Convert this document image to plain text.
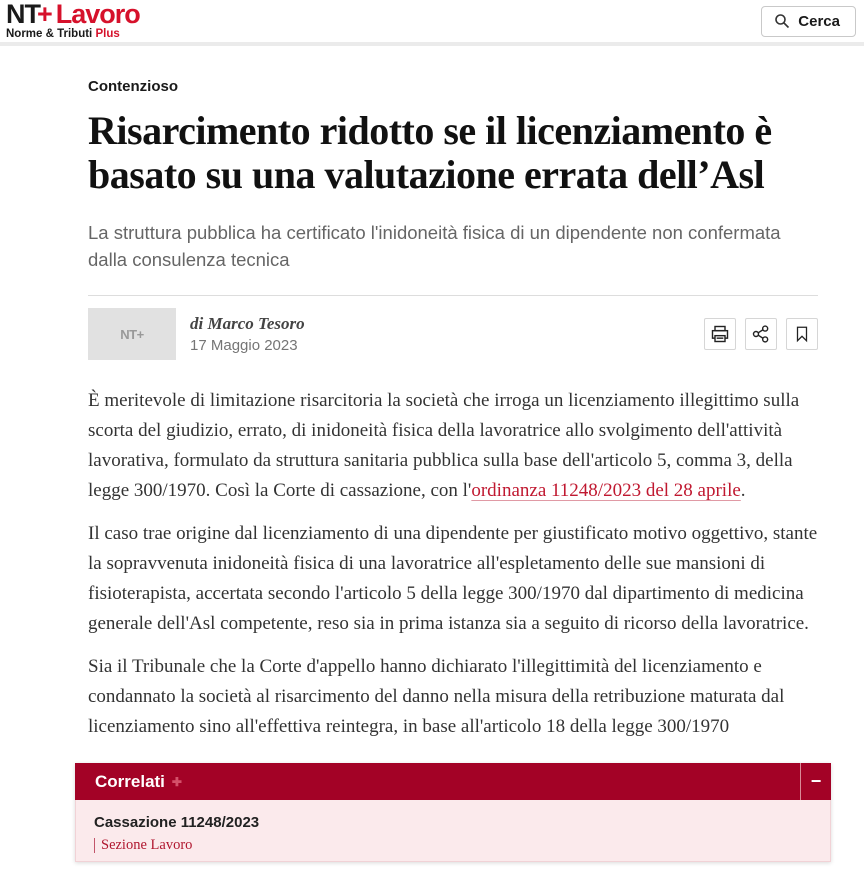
NT
+ Lavoro
Norme & Tributi Plus
Cerca
Contenzioso
Risarcimento ridotto se il licenziamento è basato su una valutazione errata dell’Asl

La struttura pubblica ha certificato l'inidoneità fisica di un dipendente non confermata dalla consulenza tecnica

NT+
di Marco Tesoro
17 Maggio 2023

È meritevole di limitazione risarcitoria la società che irroga un licenziamento illegittimo sulla scorta del giudizio, errato, di inidoneità fisica della lavoratrice allo svolgimento dell'attività lavorativa, formulato da struttura sanitaria pubblica sulla base dell'articolo 5, comma 3, della legge 300/1970. Così la Corte di cassazione, con l'ordinanza 11248/2023 del 28 aprile.

Il caso trae origine dal licenziamento di una dipendente per giustificato motivo oggettivo, stante la sopravvenuta inidoneità fisica di una lavoratrice all'espletamento delle sue mansioni di fisioterapista, accertata secondo l'articolo 5 della legge 300/1970 dal dipartimento di medicina generale dell'Asl competente, reso sia in prima istanza sia a seguito di ricorso della lavoratrice.

Sia il Tribunale che la Corte d'appello hanno dichiarato l'illegittimità del licenziamento e condannato la società al risarcimento del danno nella misura della retribuzione maturata dal licenziamento sino all'effettiva reintegra, in base all'articolo 18 della legge 300/1970

Correlati ✚	−
Cassazione 11248/2023
Sezione Lavoro
